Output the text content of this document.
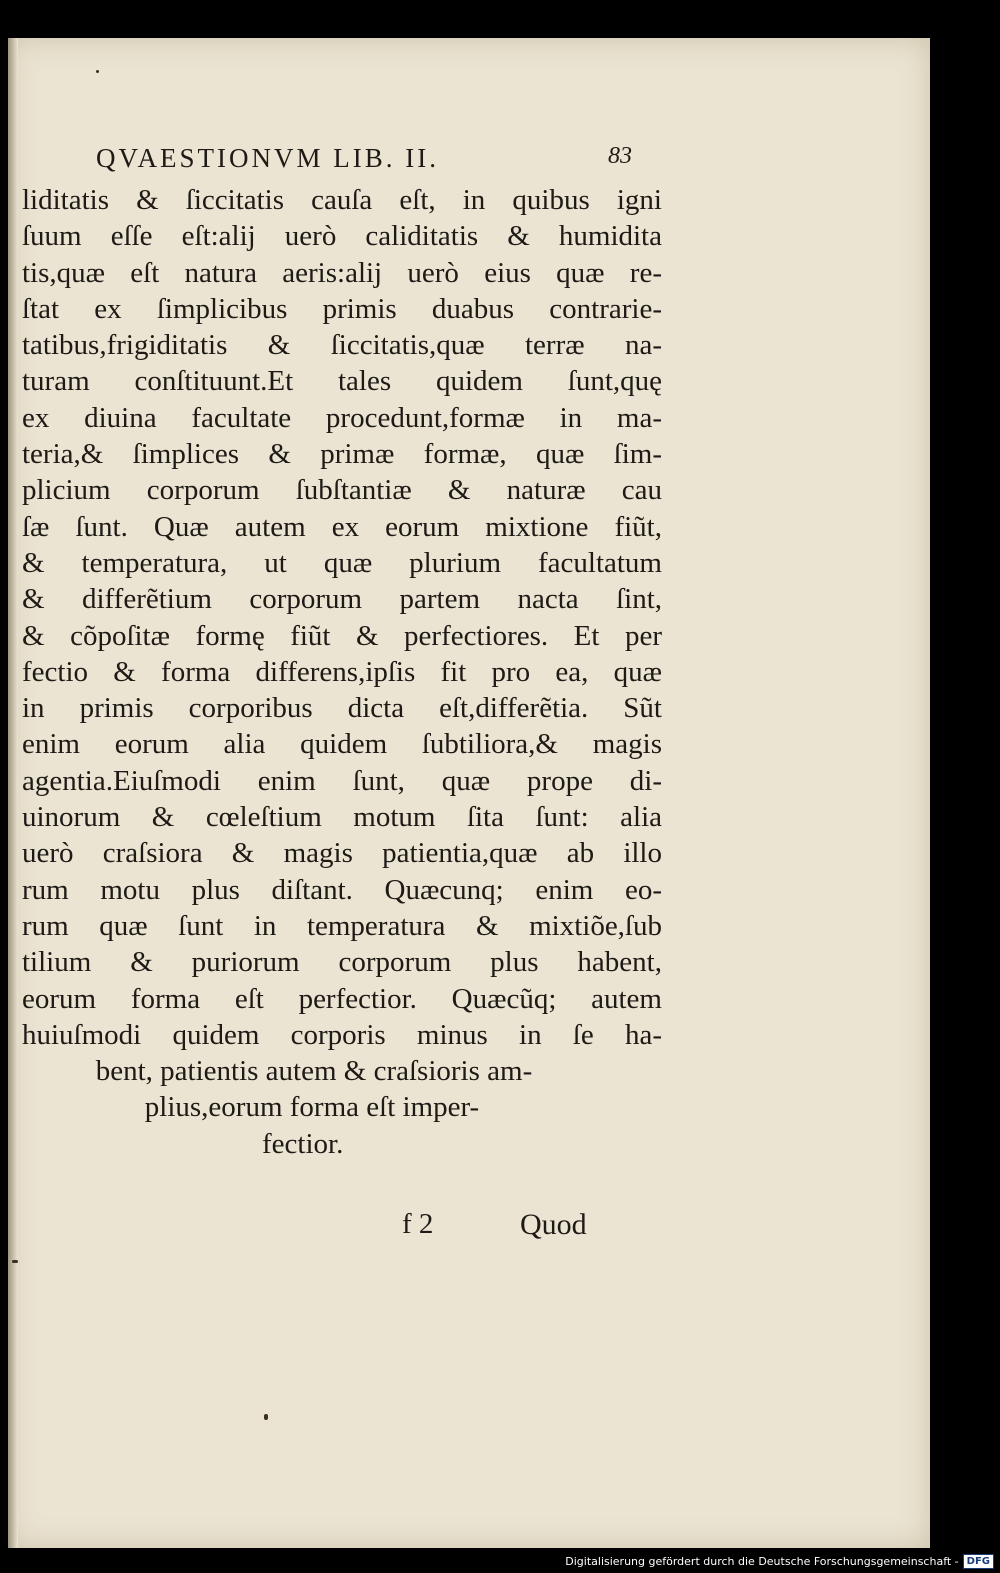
QVAESTIONVM LIB. II.	83
liditatis & ſiccitatis cauſa eſt, in quibus igni
ſuum eſſe eſt:alij uerò caliditatis & humidita
tis,quæ eſt natura aeris:alij uerò eius quæ re-
ſtat ex ſimplicibus primis duabus contrarie-
tatibus,frigiditatis & ſiccitatis,quæ terræ na-
turam conſtituunt.Et tales quidem ſunt,quę
ex diuina facultate procedunt,formæ in ma-
teria,& ſimplices & primæ formæ, quæ ſim-
plicium corporum ſubſtantiæ & naturæ cau
ſæ ſunt. Quæ autem ex eorum mixtione fiũt,
& temperatura, ut quæ plurium facultatum
& differẽtium corporum partem nacta ſint,
& cõpoſitæ formę fiũt & perfectiores. Et per
fectio & forma differens,ipſis fit pro ea, quæ
in primis corporibus dicta eſt,differẽtia. Sũt
enim eorum alia quidem ſubtiliora,& magis
agentia.Eiuſmodi enim ſunt, quæ prope di-
uinorum & cœleſtium motum ſita ſunt: alia
uerò craſsiora & magis patientia,quæ ab illo
rum motu plus diſtant. Quæcunq; enim eo-
rum quæ ſunt in temperatura & mixtiõe,ſub
tilium & puriorum corporum plus habent,
eorum forma eſt perfectior. Quæcũq; autem
huiuſmodi quidem corporis minus in ſe ha-
bent, patientis autem & craſsioris am-
plius,eorum forma eſt imper-
fectior.
f 2	Quod
Digitalisierung gefördert durch die Deutsche Forschungsgemeinschaft - DFG
